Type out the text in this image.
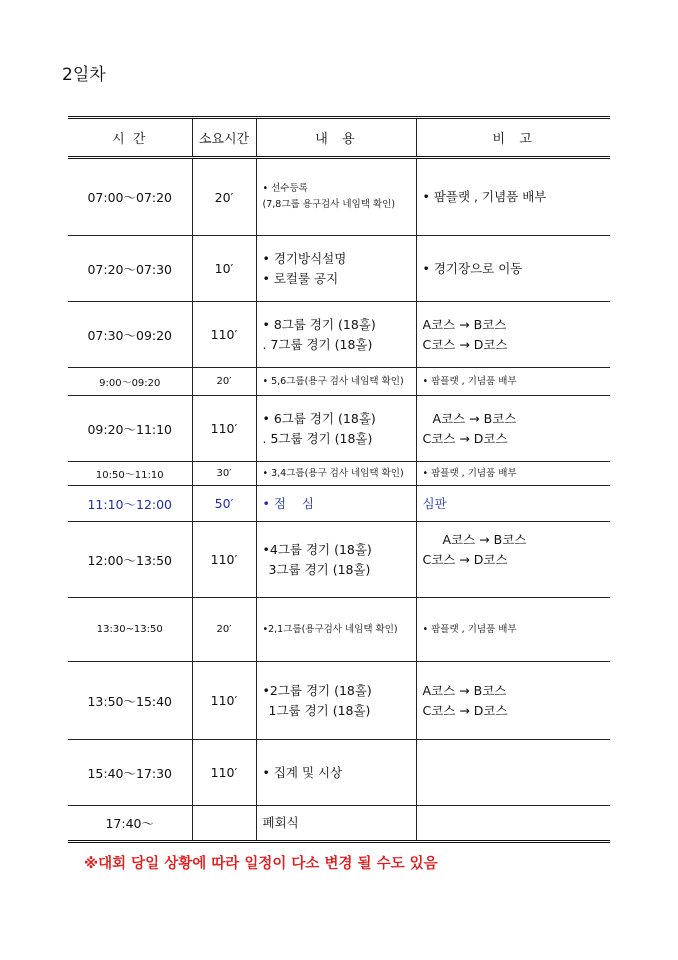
2일차
시 간	소요시간	내  용	비  고
07:00～07:20	20′	• 선수등록
(7,8그룹 용구검사 네임택 확인)	• 팜플랫 , 기념품 배부

07:20～07:30	10′	• 경기방식설명
• 로컬룰 공지	• 경기장으로 이동

07:30～09:20	110′	• 8그룹 경기 (18홀)
. 7그룹 경기 (18홀)	A코스 → B코스
C코스 → D코스

9:00～09:20	20′	• 5,6그룹(용구 검사 네임택 확인)	• 팜플랫 , 기념품 배부

09:20～11:10	110′	• 6그룹 경기 (18홀)
. 5그룹 경기 (18홀)	A코스 → B코스
C코스 → D코스

10:50～11:10	30′	• 3,4그룹(용구 검사 네임택 확인)	• 팜플랫 , 기념품 배부

11:10～12:00	50′	• 점    심	심판

12:00～13:50	110′	•4그룹 경기 (18홀)
3그룹 경기 (18홀)	A코스 → B코스
C코스 → D코스

13:30~13:50	20′	•2,1그룹(용구검사 네임택 확인)	• 팜플랫 , 기념품 배부

13:50～15:40	110′	•2그룹 경기 (18홀)
1그룹 경기 (18홀)	A코스 → B코스
C코스 → D코스

15:40～17:30	110′	• 집계 및 시상	

17:40～		폐회식	

※대회 당일 상황에 따라 일정이 다소 변경 될 수도 있음
